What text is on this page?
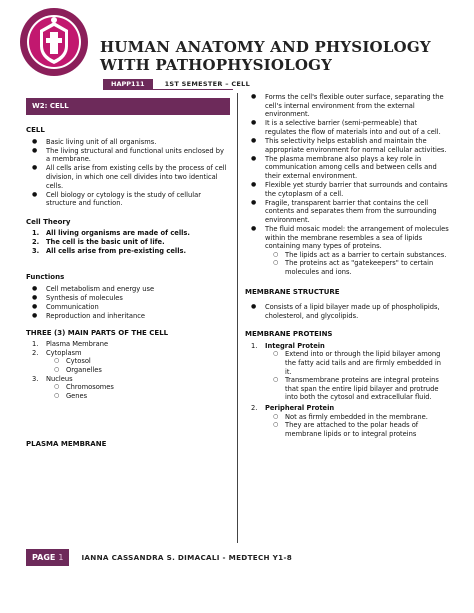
HUMAN ANATOMY AND PHYSIOLOGY
WITH PATHOPHYSIOLOGY
HAPP111	1ST SEMESTER – CELL
W2: CELL
CELL
● Basic living unit of all organisms.
● The living structural and functional units enclosed by a membrane.
● All cells arise from existing cells by the process of cell division, in which one cell divides into two identical cells.
● Cell biology or cytology is the study of cellular structure and function.
Cell Theory
1. All living organisms are made of cells.
2. The cell is the basic unit of life.
3. All cells arise from pre-existing cells.
Functions
● Cell metabolism and energy use
● Synthesis of molecules
● Communication
● Reproduction and inheritance
THREE (3) MAIN PARTS OF THE CELL
1. Plasma Membrane
2. Cytoplasm
○ Cytosol
○ Organelles
3. Nucleus
○ Chromosomes
○ Genes
PLASMA MEMBRANE
● Forms the cell's flexible outer surface, separating the cell's internal environment from the external environment.
● It is a selective barrier (semi-permeable) that regulates the flow of materials into and out of a cell.
● This selectivity helps establish and maintain the appropriate environment for normal cellular activities.
● The plasma membrane also plays a key role in communication among cells and between cells and their external environment.
● Flexible yet sturdy barrier that surrounds and contains the cytoplasm of a cell.
● Fragile, transparent barrier that contains the cell contents and separates them from the surrounding environment.
● The fluid mosaic model: the arrangement of molecules within the membrane resembles a sea of lipids containing many types of proteins.
○ The lipids act as a barrier to certain substances.
○ The proteins act as "gatekeepers" to certain molecules and ions.
MEMBRANE STRUCTURE
● Consists of a lipid bilayer made up of phospholipids, cholesterol, and glycolipids.
MEMBRANE PROTEINS
1. Integral Protein
○ Extend into or through the lipid bilayer among the fatty acid tails and are firmly embedded in it.
○ Transmembrane proteins are integral proteins that span the entire lipid bilayer and protrude into both the cytosol and extracellular fluid.
2. Peripheral Protein
○ Not as firmly embedded in the membrane.
○ They are attached to the polar heads of membrane lipids or to integral proteins
PAGE 1	IANNA CASSANDRA S. DIMACALI - MEDTECH Y1-8
